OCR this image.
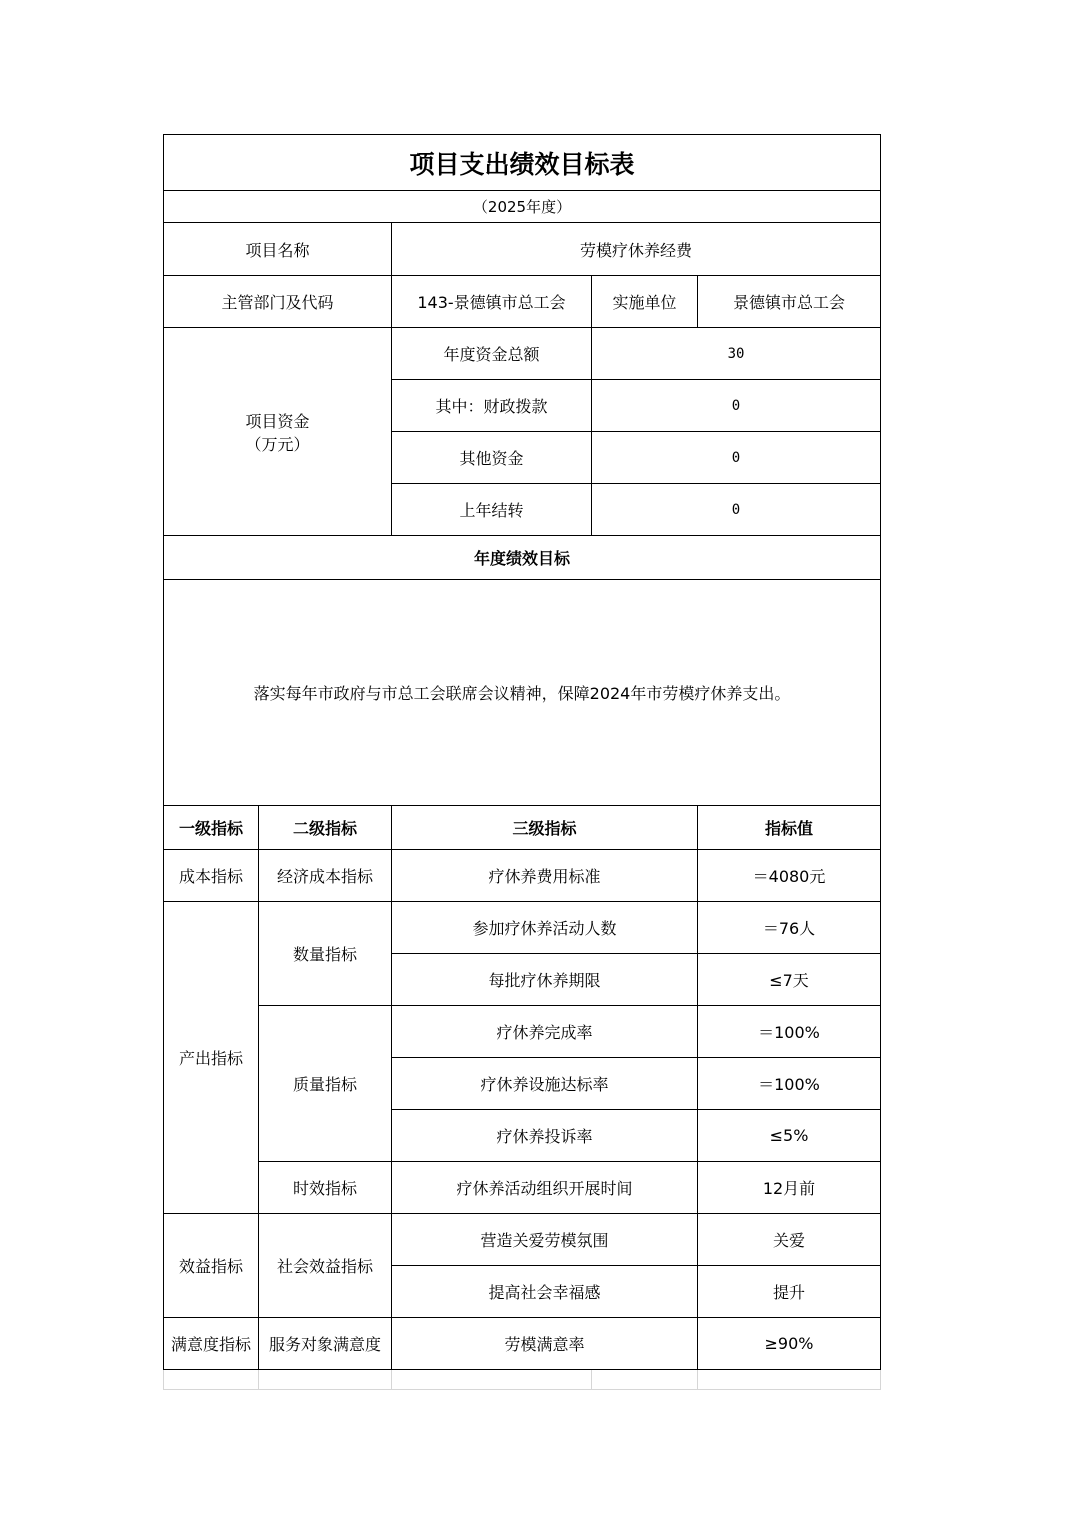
项目支出绩效目标表				
（2025年度）				
项目名称		劳模疗休养经费		
主管部门及代码		143-景德镇市总工会	实施单位	景德镇市总工会

项目资金
（万元）		年度资金总额	30	
		其中：财政拨款	0	
		其他资金	0	
		上年结转	0	
年度绩效目标				
落实每年市政府与市总工会联席会议精神，保障2024年市劳模疗休养支出。				
一级指标	二级指标	三级指标		指标值
成本指标	经济成本指标	疗休养费用标准		＝4080元
产出指标	数量指标	参加疗休养活动人数		＝76人
		每批疗休养期限		≤7天
	质量指标	疗休养完成率		＝100%
		疗休养设施达标率		＝100%
		疗休养投诉率		≤5%
	时效指标	疗休养活动组织开展时间		12月前
效益指标	社会效益指标	营造关爱劳模氛围		关爱
		提高社会幸福感		提升
满意度指标	服务对象满意度	劳模满意率		≥90%
